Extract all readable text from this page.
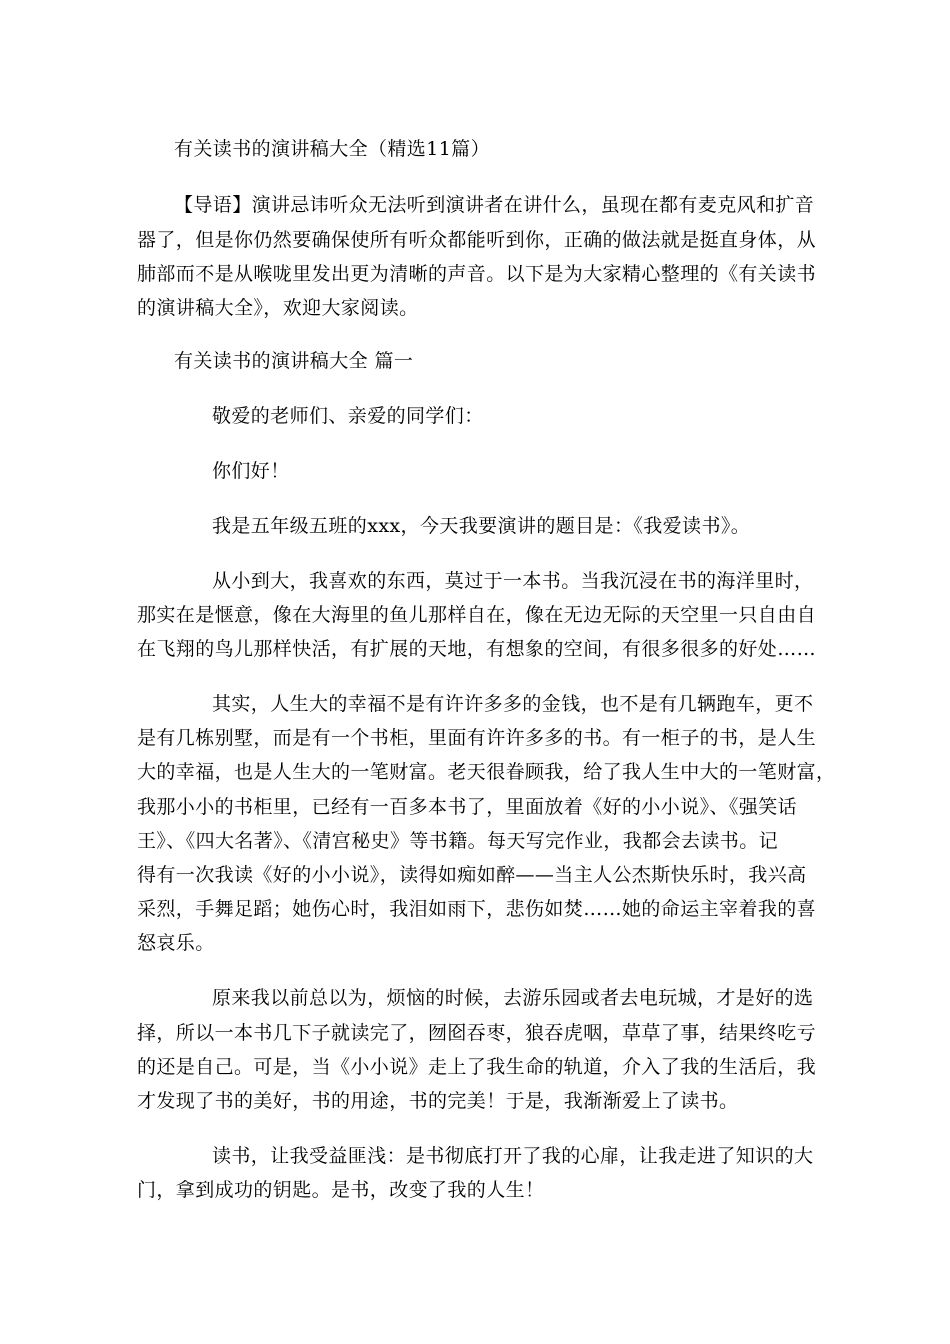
有关读书的演讲稿大全（精选11篇）
【导语】演讲忌讳听众无法听到演讲者在讲什么，虽现在都有麦克风和扩音
器了，但是你仍然要确保使所有听众都能听到你，正确的做法就是挺直身体，从
肺部而不是从喉咙里发出更为清晰的声音。以下是为大家精心整理的《有关读书
的演讲稿大全》，欢迎大家阅读。
有关读书的演讲稿大全 篇一
敬爱的老师们、亲爱的同学们：
你们好！
我是五年级五班的xxx，今天我要演讲的题目是：《我爱读书》。
从小到大，我喜欢的东西，莫过于一本书。当我沉浸在书的海洋里时，
那实在是惬意，像在大海里的鱼儿那样自在，像在无边无际的天空里一只自由自
在飞翔的鸟儿那样快活，有扩展的天地，有想象的空间，有很多很多的好处……
其实，人生大的幸福不是有许许多多的金钱，也不是有几辆跑车，更不
是有几栋别墅，而是有一个书柜，里面有许许多多的书。有一柜子的书，是人生
大的幸福，也是人生大的一笔财富。老天很眷顾我，给了我人生中大的一笔财富，
我那小小的书柜里，已经有一百多本书了，里面放着《好的小小说》、《强笑话
王》、《四大名著》、《清宫秘史》等书籍。每天写完作业，我都会去读书。记
得有一次我读《好的小小说》，读得如痴如醉——当主人公杰斯快乐时，我兴高
采烈，手舞足蹈；她伤心时，我泪如雨下，悲伤如焚……她的命运主宰着我的喜
怒哀乐。
原来我以前总以为，烦恼的时候，去游乐园或者去电玩城，才是好的选
择，所以一本书几下子就读完了，囫囵吞枣，狼吞虎咽，草草了事，结果终吃亏
的还是自己。可是，当《小小说》走上了我生命的轨道，介入了我的生活后，我
才发现了书的美好，书的用途，书的完美！于是，我渐渐爱上了读书。
读书，让我受益匪浅：是书彻底打开了我的心扉，让我走进了知识的大
门，拿到成功的钥匙。是书，改变了我的人生！
